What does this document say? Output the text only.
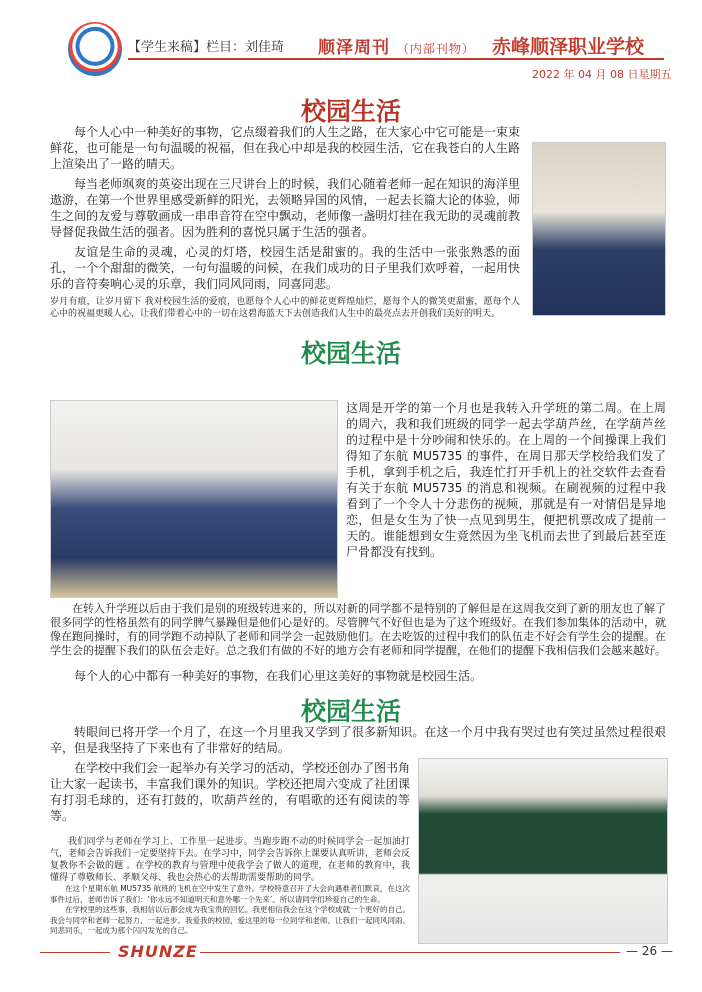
【学生来稿】栏目：刘佳琦 顺泽周刊 （内部刊物） 赤峰顺泽职业学校
2022 年 04 月 08 日星期五
校园生活
每个人心中一种美好的事物，它点缀着我们的人生之路，在大家心中它可能是一束束鲜花，也可能是一句句温暖的祝福，但在我心中却是我的校园生活，它在我苍白的人生路上渲染出了一路的晴天。
每当老师飒爽的英姿出现在三尺讲台上的时候，我们心随着老师一起在知识的海洋里遨游，在第一个世界里感受新鲜的阳光，去领略异国的风情，一起去长篇大论的体验，师生之间的友爱与尊敬画成一串串音符在空中飘动，老师像一盏明灯挂在我无助的灵魂前教导督促我做生活的强者。因为胜利的喜悦只属于生活的强者。
友谊是生命的灵魂，心灵的灯塔，校园生活是甜蜜的。我的生活中一张张熟悉的面孔，一个个甜甜的微笑，一句句温暖的问候，在我们成功的日子里我们欢呼着，一起用快乐的音符奏响心灵的乐章，我们同风同雨，同喜同悲。
岁月有痕，让岁月留下 我对校园生活的爱痕，也愿每个人心中的鲜花更辉煌灿烂，愿每个人的微笑更甜蜜，愿每个人心中的祝福更暖人心，让我们带着心中的一切在这碧海蓝天下去创造我们人生中的最亮点去开创我们美好的明天。
校园生活
这周是开学的第一个月也是我转入升学班的第二周。在上周的周六，我和我们班级的同学一起去学葫芦丝，在学葫芦丝的过程中是十分吵闹和快乐的。在上周的一个间操课上我们得知了东航 MU5735 的事件，在周日那天学校给我们发了手机，拿到手机之后，我连忙打开手机上的社交软件去查看有关于东航 MU5735 的消息和视频。在刷视频的过程中我看到了一个令人十分悲伤的视频，那就是有一对情侣是异地恋，但是女生为了快一点见到男生，便把机票改成了提前一天的。谁能想到女生竟然因为坐飞机而去世了到最后甚至连尸骨都没有找到。
在转入升学班以后由于我们是别的班级转进来的，所以对新的同学都不是特别的了解但是在这周我交到了新的朋友也了解了很多同学的性格虽然有的同学脾气暴躁但是他们心是好的。尽管脾气不好但也是为了这个班级好。在我们参加集体的活动中，就像在跑间操时，有的同学跑不动掉队了老师和同学会一起鼓励他们。在去吃饭的过程中我们的队伍走不好会有学生会的提醒。在学生会的提醒下我们的队伍会走好。总之我们有做的不好的地方会有老师和同学提醒，在他们的提醒下我相信我们会越来越好。
每个人的心中都有一种美好的事物，在我们心里这美好的事物就是校园生活。
校园生活
转眼间已将开学一个月了，在这一个月里我又学到了很多新知识。在这一个月中我有哭过也有笑过虽然过程很艰辛，但是我坚持了下来也有了非常好的结局。
在学校中我们会一起举办有关学习的活动，学校还创办了图书角让大家一起读书，丰富我们课外的知识。学校还把周六变成了社团课有打羽毛球的，还有打鼓的，吹葫芦丝的，有唱歌的还有阅读的等等。
我们同学与老师在学习上、工作里一起进步。当跑步跑不动的时候同学会一起加油打气，老师会告诉我们一定要坚持下去。在学习中，同学会告诉你上课要认真听讲，老师会反复教你不会做的题 。在学校的教育与管理中使我学会了做人的道理，在老师的教育中，我懂得了尊敬师长、孝顺父母、我也会热心的去帮助需要帮助的同学。
SHUNZE	— 26 —
在这个星期东航 MU5735 航班的飞机在空中发生了意外。学校特意召开了大会向遇难者们默哀，在这次事件过后，老师告诉了我们：‘你永远不知道明天和意外哪一个先来’。所以请同学们珍爱自己的生命。
在学校里的这些事，我相信以后都会成为我宝贵的回忆。我更相信我会在这个学校成就一个更好的自己。我会与同学和老师一起努力、一起进步。我爱我的校园，爱这里的每一位同学和老师。让我们一起同风同雨、同悲同乐，一起成为那个闪闪发光的自己。
